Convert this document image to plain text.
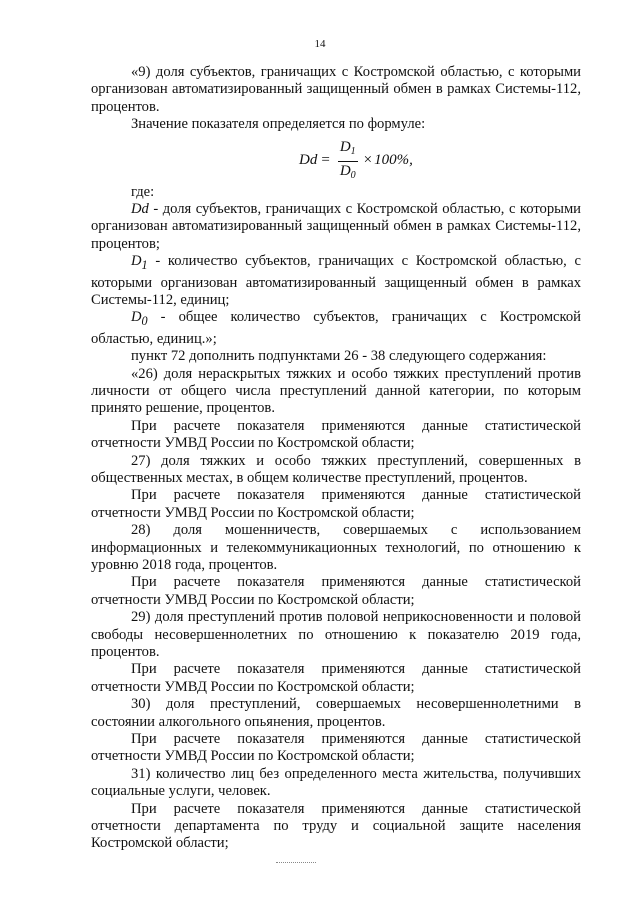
14

«9) доля субъектов, граничащих с Костромской областью, с которыми организован автоматизированный защищенный обмен в рамках Системы-112, процентов.

Значение показателя определяется по формуле:

$Dd = \frac{D_1}{D_0} \times 100\%$,

где:

Dd - доля субъектов, граничащих с Костромской областью, с которыми организован автоматизированный защищенный обмен в рамках Системы-112, процентов;

$D_1$ - количество субъектов, граничащих с Костромской областью, с которыми организован автоматизированный защищенный обмен в рамках Системы-112, единиц;

$D_0$ - общее количество субъектов, граничащих с Костромской областью, единиц.»;

пункт 72 дополнить подпунктами 26 - 38 следующего содержания:

«26) доля нераскрытых тяжких и особо тяжких преступлений против личности от общего числа преступлений данной категории, по которым принято решение, процентов.

При расчете показателя применяются данные статистической отчетности УМВД России по Костромской области;

27) доля тяжких и особо тяжких преступлений, совершенных в общественных местах, в общем количестве преступлений, процентов.

При расчете показателя применяются данные статистической отчетности УМВД России по Костромской области;

28) доля мошенничеств, совершаемых с использованием информационных и телекоммуникационных технологий, по отношению к уровню 2018 года, процентов.

При расчете показателя применяются данные статистической отчетности УМВД России по Костромской области;

29) доля преступлений против половой неприкосновенности и половой свободы несовершеннолетних по отношению к показателю 2019 года, процентов.

При расчете показателя применяются данные статистической отчетности УМВД России по Костромской области;

30) доля преступлений, совершаемых несовершеннолетними в состоянии алкогольного опьянения, процентов.

При расчете показателя применяются данные статистической отчетности УМВД России по Костромской области;

31) количество лиц без определенного места жительства, получивших социальные услуги, человек.

При расчете показателя применяются данные статистической отчетности департамента по труду и социальной защите населения Костромской области;
